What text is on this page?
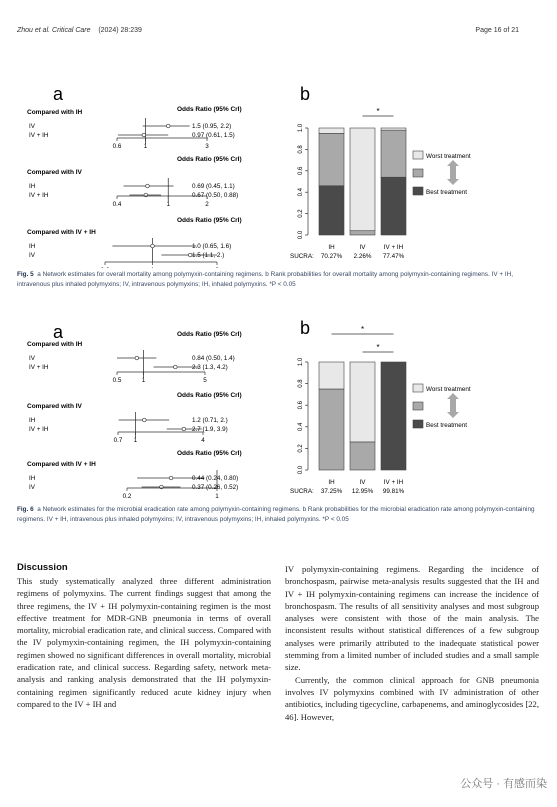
Zhou et al. Critical Care (2024) 28:239	Page 16 of 21
a
Odds Ratio (95% CrI)
Compared with IH
IV	1.5 (0.95, 2.2)
IV + IH	0.97 (0.61, 1.5)
0.6	1	3
Odds Ratio (95% CrI)
Compared with IV
IH	0.69 (0.45, 1.1)
IV + IH	0.67 (0.50, 0.88)
0.4	1	2
Odds Ratio (95% CrI)
Compared with IV + IH
IH	1.0 (0.65, 1.6)
IV	1.5 (1.1, 2.)
b
0.0
0.2
0.4
0.6
0.8
1.0
IH
70.27%
IV
2.26%
IV + IH
77.47%
SUCRA:
*
Worst treatment
Best treatment
Fig. 5 a Network estimates for overall mortality among polymyxin-containing regimens. b Rank probabilities for overall mortality among polymyxin-containing regimens. IV + IH, intravenous plus inhaled polymyxins; IV, intravenous polymyxins; IH, inhaled polymyxins. *P < 0.05
a	Odds Ratio (95% CrI)
Compared with IH
IV	0.84 (0.50, 1.4)
IV + IH	2.3 (1.3, 4.2)
0.5	1	5
Odds Ratio (95% CrI)
Compared with IV
IH	1.2 (0.71, 2.)
IV + IH	2.7 (1.9, 3.9)
0.7 1	4
Odds Ratio (95% CrI)
Compared with IV + IH
IH	0.44 (0.24, 0.80)
IV	0.37 (0.26, 0.52)
0.2	1
b
0.0
0.2
0.4
0.6
0.8
1.0
IH
37.25%
IV
12.95%
IV + IH
99.81%
SUCRA:
*
*
Worst treatment
Best treatment
Fig. 6 a Network estimates for the microbial eradication rate among polymyxin-containing regimens. b Rank probabilities for the microbial eradication rate among polymyxin-containing regimens. IV + IH, intravenous plus inhaled polymyxins; IV, intravenous polymyxins; IH, inhaled polymyxins. *P < 0.05
Discussion

This study systematically analyzed three different administration regimens of polymyxins. The current findings suggest that among the three regimens, the IV + IH polymyxin-containing regimen is the most effective treatment for MDR-GNB pneumonia in terms of overall mortality, microbial eradication rate, and clinical success. Compared with the IV polymyxin-containing regimen, the IH polymyxin-containing regimen showed no significant differences in overall mortality, microbial eradication rate, and clinical success. Regarding safety, network meta-analysis and ranking analysis demonstrated that the IH polymyxin-containing regimen significantly reduced acute kidney injury when compared to the IV + IH and

IV polymyxin-containing regimens. Regarding the incidence of bronchospasm, pairwise meta-analysis results suggested that the IH and IV + IH polymyxin-containing regimens can increase the incidence of bronchospasm. The results of all sensitivity analyses and most subgroup analyses were consistent with those of the main analysis. The inconsistent results without statistical differences of a few subgroup analyses were primarily attributed to the inadequate statistical power stemming from a limited number of included studies and a small sample size.

Currently, the common clinical approach for GNB pneumonia involves IV polymyxins combined with IV administration of other antibiotics, including tigecycline, carbapenems, and aminoglycosides [22, 46]. However,

公众号 · 有感而染
